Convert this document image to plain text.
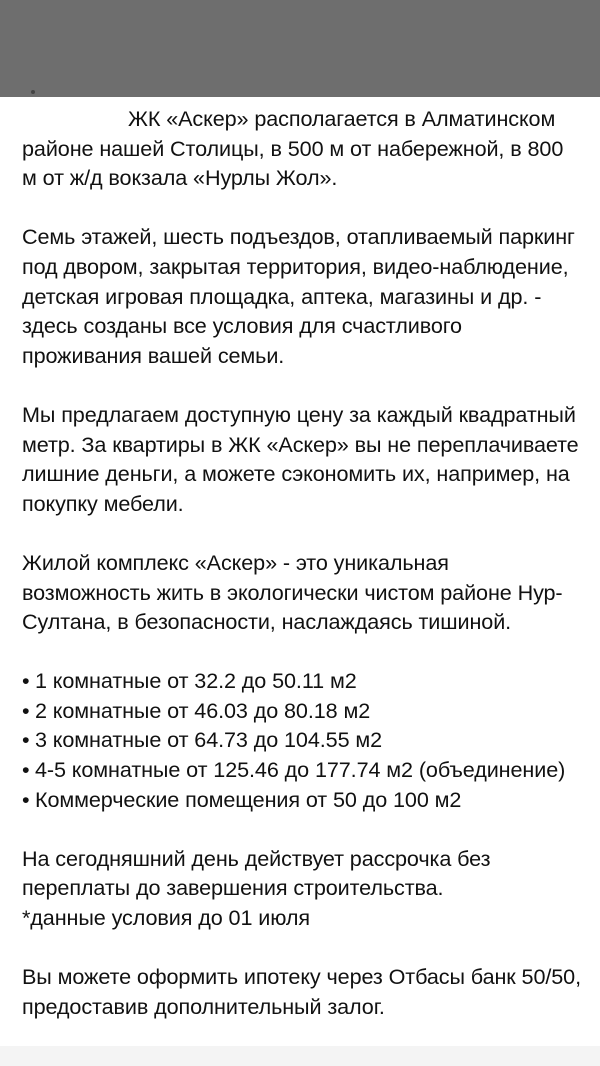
ЖК «Аскер» располагается в Алматинском районе нашей Столицы, в 500 м от набережной, в 800 м от ж/д вокзала «Нурлы Жол».

Семь этажей, шесть подъездов, отапливаемый паркинг под двором, закрытая территория, видео-наблюдение, детская игровая площадка, аптека, магазины и др. - здесь созданы все условия для счастливого проживания вашей семьи.

Мы предлагаем доступную цену за каждый квадратный метр. За квартиры в ЖК «Аскер» вы не переплачиваете лишние деньги, а можете сэкономить их, например, на покупку мебели.

Жилой комплекс «Аскер» - это уникальная возможность жить в экологически чистом районе Нур-Султана, в безопасности, наслаждаясь тишиной.

• 1 комнатные от 32.2 до 50.11 м2
• 2 комнатные от 46.03 до 80.18 м2
• 3 комнатные от 64.73 до 104.55 м2
• 4-5 комнатные от 125.46 до 177.74 м2 (объединение)
• Коммерческие помещения от 50 до 100 м2

На сегодняшний день действует рассрочка без переплаты до завершения строительства.
*данные условия до 01 июля

Вы можете оформить ипотеку через Отбасы банк 50/50, предоставив дополнительный залог.
